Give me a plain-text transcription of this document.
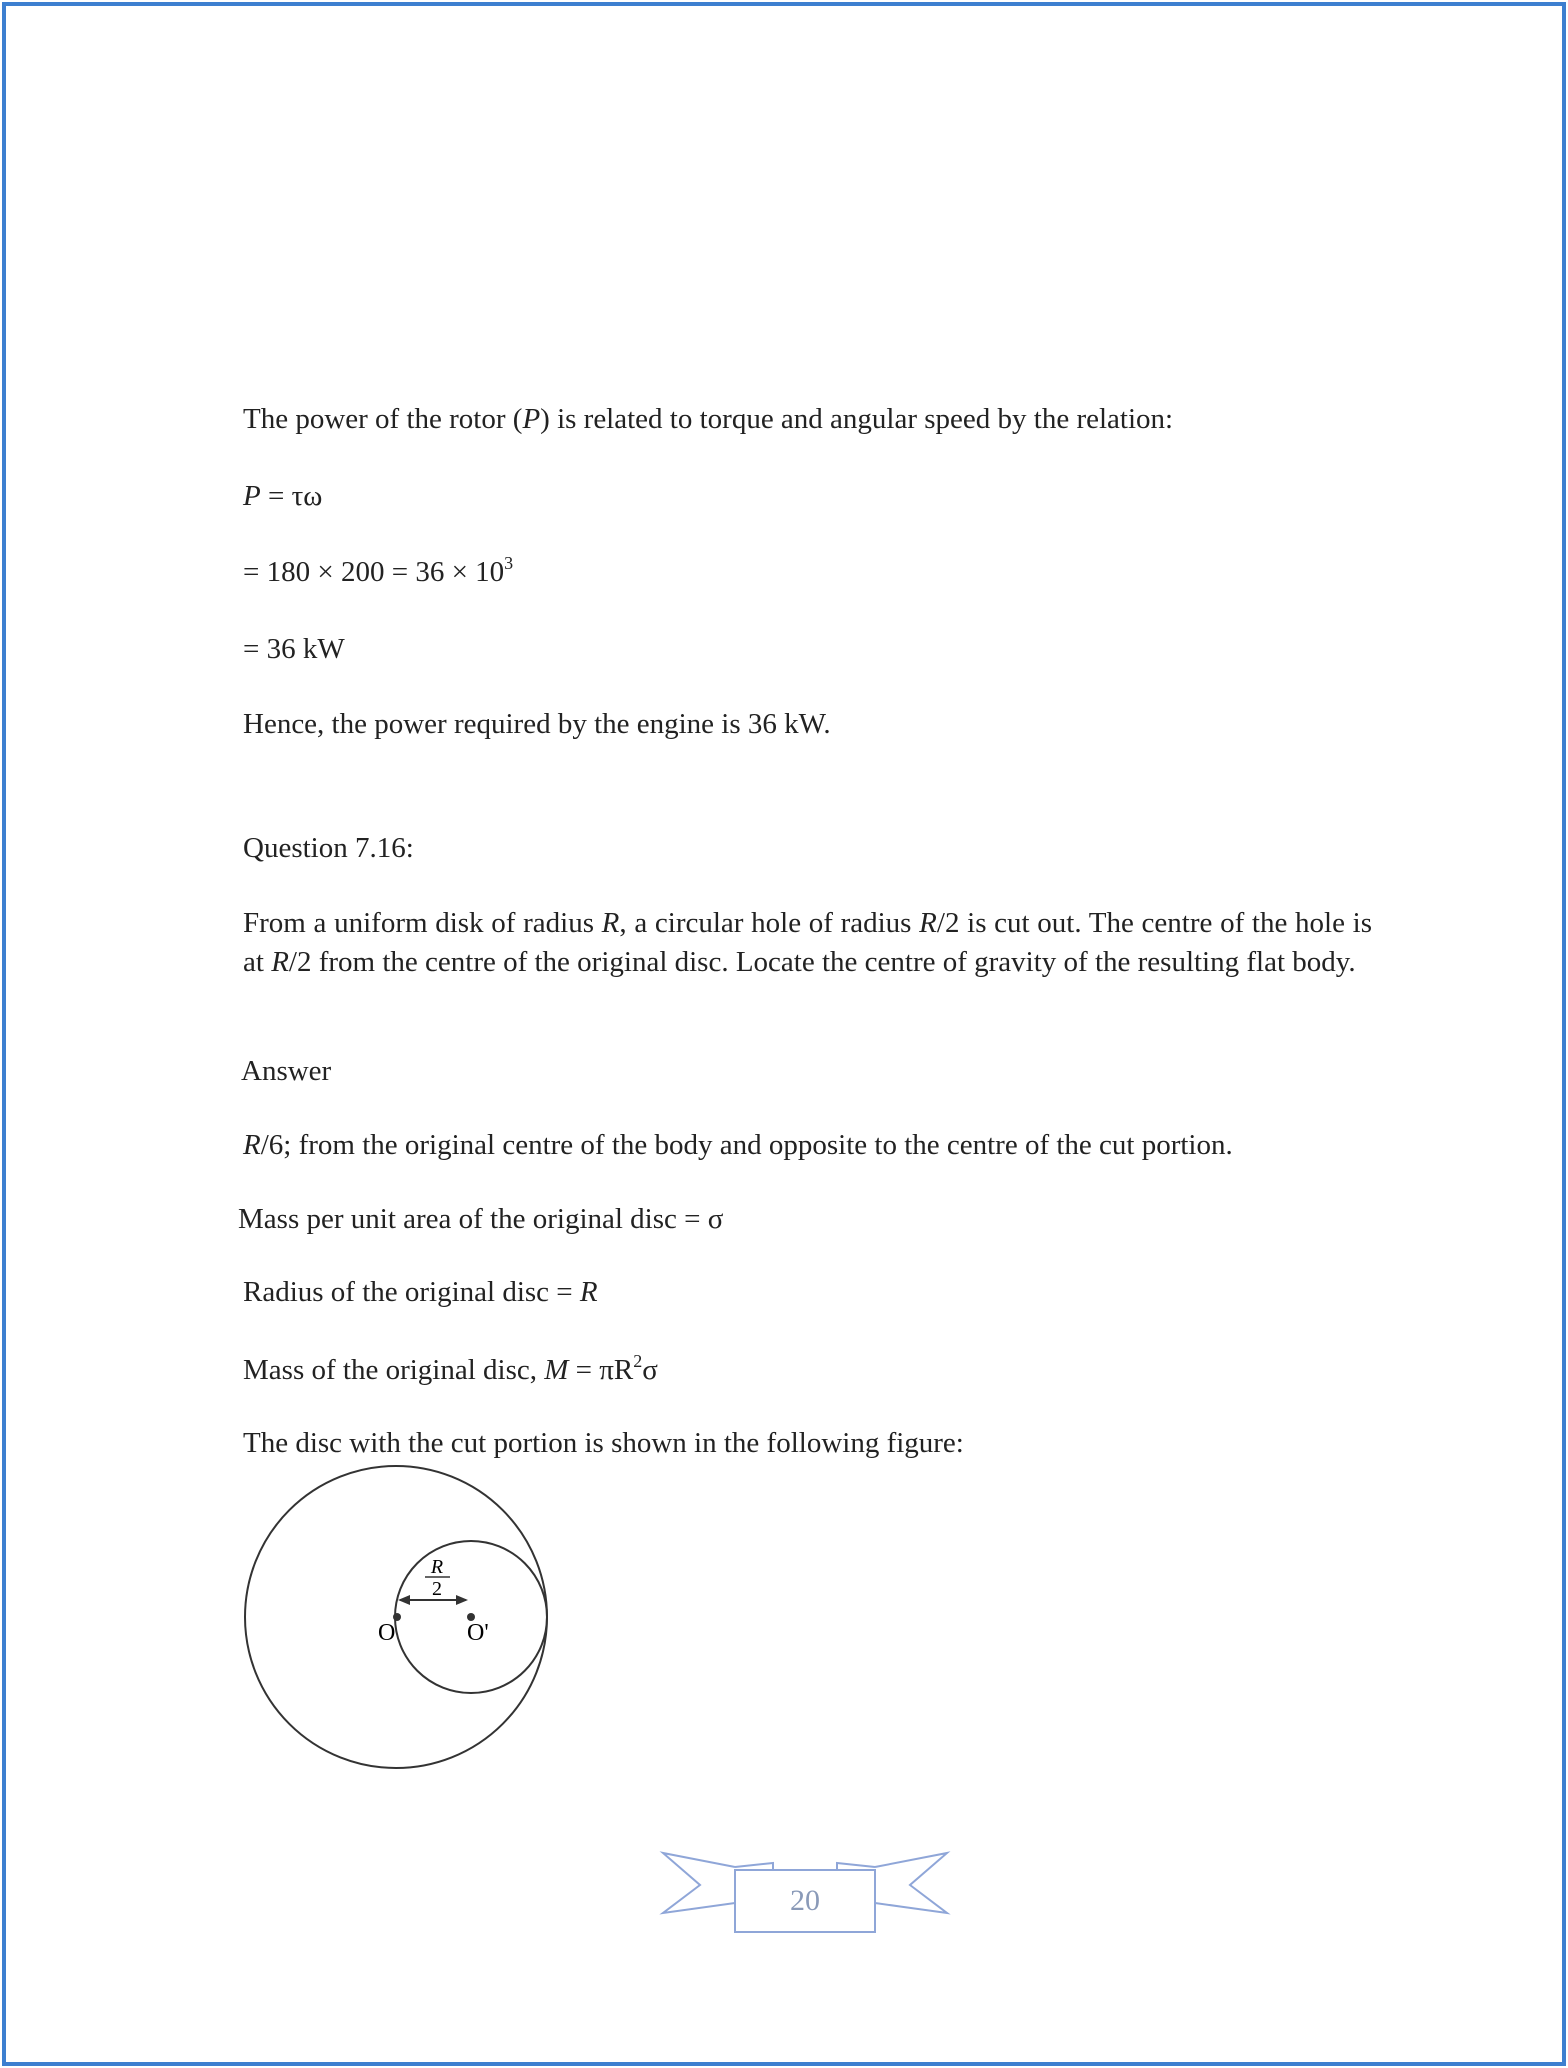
The power of the rotor (P) is related to torque and angular speed by the relation:
P = τω
= $180 \times 200 = 36 \times 10^3$
= 36 kW
Hence, the power required by the engine is 36 kW.
Question 7.16:
From a uniform disk of radius R, a circular hole of radius R/2 is cut out. The centre of the hole is at R/2 from the centre of the original disc. Locate the centre of gravity of the resulting flat body.
Answer
R/6; from the original centre of the body and opposite to the centre of the cut portion.
Mass per unit area of the original disc = σ
Radius of the original disc = R
Mass of the original disc, $M = \pi R^2\sigma$
The disc with the cut portion is shown in the following figure:
R
2
O	O'
20
